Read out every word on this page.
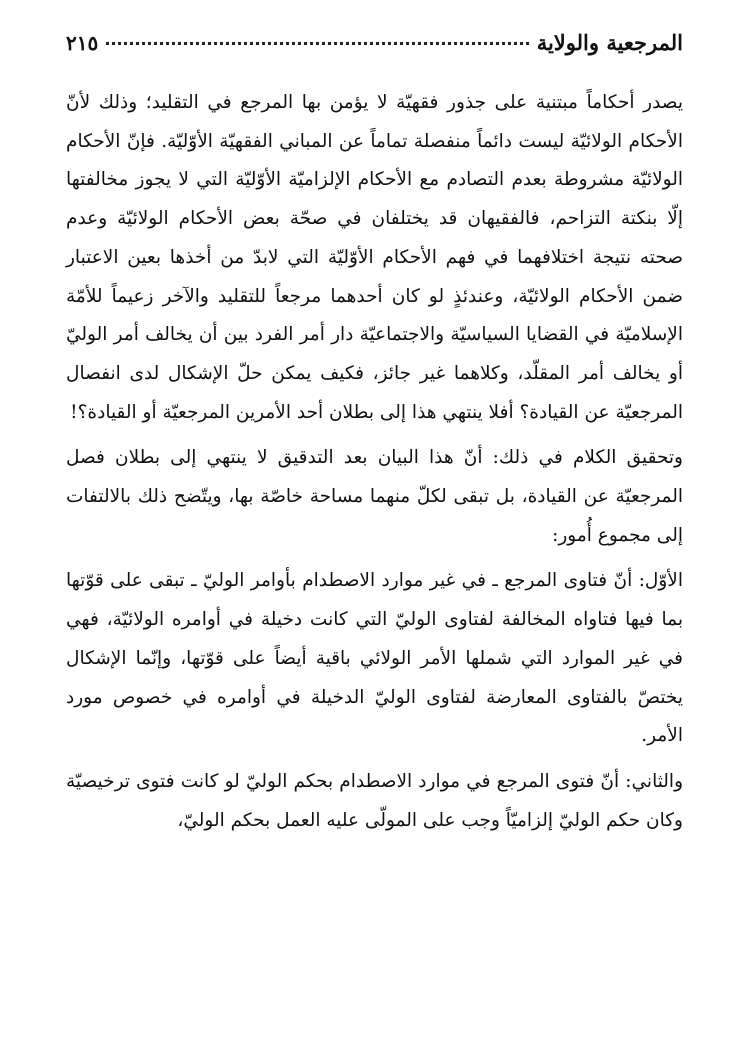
المرجعية والولاية
٢١٥

يصدر أحكاماً مبتنية على جذور فقهيّة لا يؤمن بها المرجع في التقليد؛ وذلك لأنّ الأحكام الولائيّة ليست دائماً منفصلة تماماً عن المباني الفقهيّة الأوّليّة. فإنّ الأحكام الولائيّة مشروطة بعدم التصادم مع الأحكام الإلزاميّة الأوّليّة التي لا يجوز مخالفتها إلّا بنكتة التزاحم، فالفقيهان قد يختلفان في صحّة بعض الأحكام الولائيّة وعدم صحته نتيجة اختلافهما في فهم الأحكام الأوّليّة التي لابدّ من أخذها بعين الاعتبار ضمن الأحكام الولائيّة، وعندئذٍ لو كان أحدهما مرجعاً للتقليد والآخر زعيماً للأمّة الإسلاميّة في القضايا السياسيّة والاجتماعيّة دار أمر الفرد بين أن يخالف أمر الوليّ أو يخالف أمر المقلّد، وكلاهما غير جائز، فكيف يمكن حلّ الإشكال لدى انفصال المرجعيّة عن القيادة؟ أفلا ينتهي هذا إلى بطلان أحد الأمرين المرجعيّة أو القيادة؟!

وتحقيق الكلام في ذلك: أنّ هذا البيان بعد التدقيق لا ينتهي إلى بطلان فصل المرجعيّة عن القيادة، بل تبقى لكلّ منهما مساحة خاصّة بها، ويتّضح ذلك بالالتفات إلى مجموع أُمور:

الأوّل: أنّ فتاوى المرجع ـ في غير موارد الاصطدام بأوامر الوليّ ـ تبقى على قوّتها بما فيها فتاواه المخالفة لفتاوى الوليّ التي كانت دخيلة في أوامره الولائيّة، فهي في غير الموارد التي شملها الأمر الولائي باقية أيضاً على قوّتها، وإنّما الإشكال يختصّ بالفتاوى المعارضة لفتاوى الوليّ الدخيلة في أوامره في خصوص مورد الأمر.

والثاني: أنّ فتوى المرجع في موارد الاصطدام بحكم الوليّ لو كانت فتوى ترخيصيّة وكان حكم الوليّ إلزاميّاً وجب على المولّى عليه العمل بحكم الوليّ،
